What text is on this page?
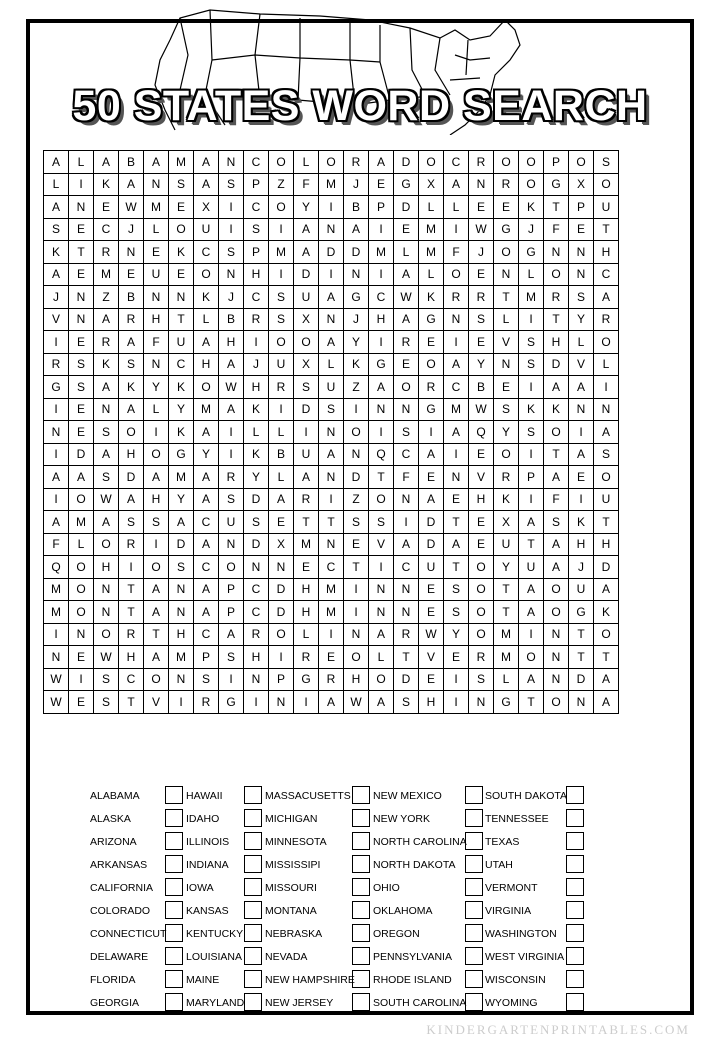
50 STATES WORD SEARCH
A	L	A	B	A	M	A	N	C	O	L	O	R	A	D	O	C	R	O	O	P	O	S
L	I	K	A	N	S	A	S	P	Z	F	M	J	E	G	X	A	N	R	O	G	X	O
A	N	E	W	M	E	X	I	C	O	Y	I	B	P	D	L	L	E	E	K	T	P	U
S	E	C	J	L	O	U	I	S	I	A	N	A	I	E	M	I	W	G	J	F	E	T
K	T	R	N	E	K	C	S	P	M	A	D	D	M	L	M	F	J	O	G	N	N	H
A	E	M	E	U	E	O	N	H	I	D	I	N	I	A	L	O	E	N	L	O	N	C
J	N	Z	B	N	N	K	J	C	S	U	A	G	C	W	K	R	R	T	M	R	S	A
V	N	A	R	H	T	L	B	R	S	X	N	J	H	A	G	N	S	L	I	T	Y	R
I	E	R	A	F	U	A	H	I	O	O	A	Y	I	R	E	I	E	V	S	H	L	O
R	S	K	S	N	C	H	A	J	U	X	L	K	G	E	O	A	Y	N	S	D	V	L
G	S	A	K	Y	K	O	W	H	R	S	U	Z	A	O	R	C	B	E	I	A	A	I
I	E	N	A	L	Y	M	A	K	I	D	S	I	N	N	G	M	W	S	K	K	N	N
N	E	S	O	I	K	A	I	L	L	I	N	O	I	S	I	A	Q	Y	S	O	I	A
I	D	A	H	O	G	Y	I	K	B	U	A	N	Q	C	A	I	E	O	I	T	A	S
A	A	S	D	A	M	A	R	Y	L	A	N	D	T	F	E	N	V	R	P	A	E	O
I	O	W	A	H	Y	A	S	D	A	R	I	Z	O	N	A	E	H	K	I	F	I	U
A	M	A	S	S	A	C	U	S	E	T	T	S	S	I	D	T	E	X	A	S	K	T
F	L	O	R	I	D	A	N	D	X	M	N	E	V	A	D	A	E	U	T	A	H	H
Q	O	H	I	O	S	C	O	N	N	E	C	T	I	C	U	T	O	Y	U	A	J	D
M	O	N	T	A	N	A	P	C	D	H	M	I	N	N	E	S	O	T	A	O	U	A
M	O	N	T	A	N	A	P	C	D	H	M	I	N	N	E	S	O	T	A	O	G	K
I	N	O	R	T	H	C	A	R	O	L	I	N	A	R	W	Y	O	M	I	N	T	O
N	E	W	H	A	M	P	S	H	I	R	E	O	L	T	V	E	R	M	O	N	T	T
W	I	S	C	O	N	S	I	N	P	G	R	H	O	D	E	I	S	L	A	N	D	A
W	E	S	T	V	I	R	G	I	N	I	A	W	A	S	H	I	N	G	T	O	N	A
ALABAMA
ALASKA
ARIZONA
ARKANSAS
CALIFORNIA
COLORADO
CONNECTICUT
DELAWARE
FLORIDA
GEORGIA
HAWAII
IDAHO
ILLINOIS
INDIANA
IOWA
KANSAS
KENTUCKY
LOUISIANA
MAINE
MARYLAND
MASSACUSETTS
MICHIGAN
MINNESOTA
MISSISSIPI
MISSOURI
MONTANA
NEBRASKA
NEVADA
NEW HAMPSHIRE
NEW JERSEY
NEW MEXICO
NEW YORK
NORTH CAROLINA
NORTH DAKOTA
OHIO
OKLAHOMA
OREGON
PENNSYLVANIA
RHODE ISLAND
SOUTH CAROLINA
SOUTH DAKOTA
TENNESSEE
TEXAS
UTAH
VERMONT
VIRGINIA
WASHINGTON
WEST VIRGINIA
WISCONSIN
WYOMING
KINDERGARTENPRINTABLES.COM
